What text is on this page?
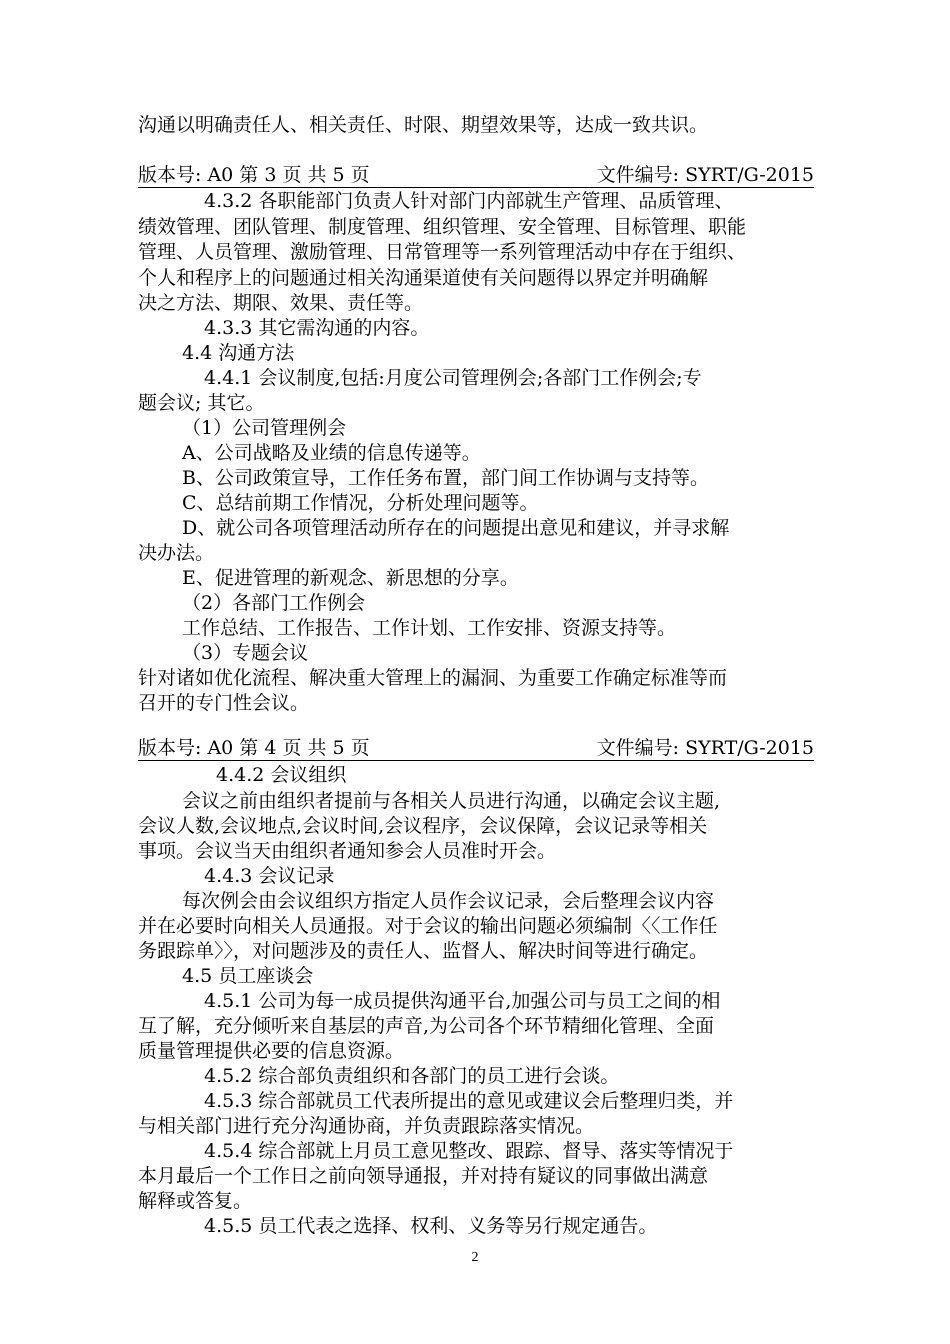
沟通以明确责任人、相关责任、时限、期望效果等，达成一致共识。
版本号: A0 第 3 页 共 5 页	文件编号: SYRT/G-2015
4.3.2 各职能部门负责人针对部门内部就生产管理、品质管理、
绩效管理、团队管理、制度管理、组织管理、安全管理、目标管理、职能
管理、人员管理、激励管理、日常管理等一系列管理活动中存在于组织、
个人和程序上的问题通过相关沟通渠道使有关问题得以界定并明确解
决之方法、期限、效果、责任等。
4.3.3 其它需沟通的内容。
4.4 沟通方法
4.4.1 会议制度,包括:月度公司管理例会;各部门工作例会;专
题会议; 其它。
（1）公司管理例会
A、公司战略及业绩的信息传递等。
B、公司政策宣导，工作任务布置，部门间工作协调与支持等。
C、总结前期工作情况，分析处理问题等。
D、就公司各项管理活动所存在的问题提出意见和建议，并寻求解
决办法。
E、促进管理的新观念、新思想的分享。
（2）各部门工作例会
工作总结、工作报告、工作计划、工作安排、资源支持等。
（3）专题会议
针对诸如优化流程、解决重大管理上的漏洞、为重要工作确定标准等而
召开的专门性会议。
版本号: A0 第 4 页 共 5 页	文件编号: SYRT/G-2015
4.4.2 会议组织
会议之前由组织者提前与各相关人员进行沟通，以确定会议主题,
会议人数,会议地点,会议时间,会议程序，会议保障，会议记录等相关
事项。会议当天由组织者通知参会人员准时开会。
4.4.3 会议记录
每次例会由会议组织方指定人员作会议记录，会后整理会议内容
并在必要时向相关人员通报。对于会议的输出问题必须编制〈〈工作任
务跟踪单〉〉，对问题涉及的责任人、监督人、解决时间等进行确定。
4.5 员工座谈会
4.5.1 公司为每一成员提供沟通平台,加强公司与员工之间的相
互了解，充分倾听来自基层的声音,为公司各个环节精细化管理、全面
质量管理提供必要的信息资源。
4.5.2 综合部负责组织和各部门的员工进行会谈。
4.5.3 综合部就员工代表所提出的意见或建议会后整理归类，并
与相关部门进行充分沟通协商，并负责跟踪落实情况。
4.5.4 综合部就上月员工意见整改、跟踪、督导、落实等情况于
本月最后一个工作日之前向领导通报，并对持有疑议的同事做出满意
解释或答复。
4.5.5 员工代表之选择、权利、义务等另行规定通告。
2
